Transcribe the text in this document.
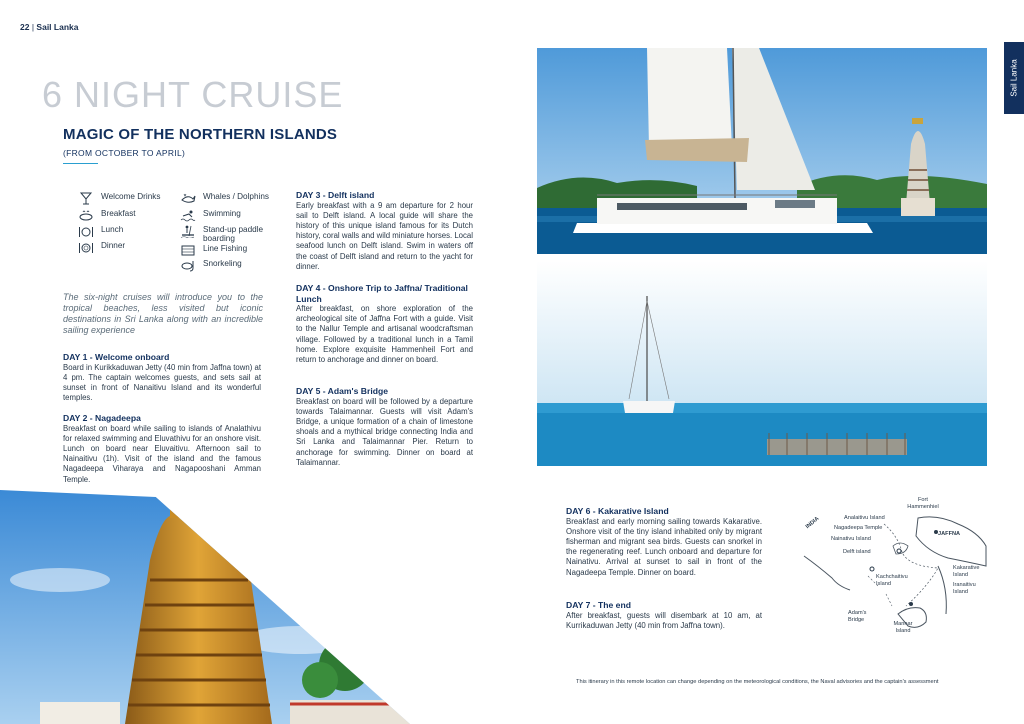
22 | Sail Lanka
Sail Lanka
6 NIGHT CRUISE
MAGIC OF THE NORTHERN ISLANDS
(FROM OCTOBER TO APRIL)
Welcome Drinks
Breakfast
Lunch
Dinner
Whales / Dolphins
Swimming
Stand-up paddle boarding
Line Fishing
Snorkeling
The six-night cruises will introduce you to the tropical beaches, less visited but iconic destinations in Sri Lanka along with an incredible sailing experience
DAY 1 - Welcome onboard

Board in Kurikkaduwan Jetty (40 min from Jaffna town) at 4 pm. The captain welcomes guests, and sets sail at sunset in front of Nanaitivu Island and its wonderful temples.

DAY 2 - Nagadeepa

Breakfast on board while sailing to islands of Analathivu for relaxed swimming and Eluvathivu for an onshore visit. Lunch on board near Eluvaitivu. Afternoon sail to Nainaitivu (1h). Visit of the island and the famous Nagadeepa Viharaya and Nagapooshani Amman Temple.

DAY 3 - Delft island

Early breakfast with a 9 am departure for 2 hour sail to Delft island. A local guide will share the history of this unique island famous for its Dutch history, coral walls and wild miniature horses. Local seafood lunch on Delft island. Swim in waters off the coast of Delft island and return to the yacht for dinner.

DAY 4 - Onshore Trip to Jaffna/ Traditional Lunch

After breakfast, on shore exploration of the archeological site of Jaffna Fort with a guide. Visit to the Nallur Temple and artisanal woodcraftsman village. Followed by a traditional lunch in a Tamil home. Explore exquisite Hammenheil Fort and return to anchorage and dinner on board.

DAY 5 - Adam's Bridge

Breakfast on board will be followed by a departure towards Talaimannar. Guests will visit Adam's Bridge, a unique formation of a chain of limestone shoals and a mythical bridge connecting India and Sri Lanka and Talaimannar Pier. Return to anchorage for swimming. Dinner on board at Talaimannar.

DAY 6 - Kakarative Island

Breakfast and early morning sailing towards Kakarative. Onshore visit of the tiny island inhabited only by migrant fisherman and migrant sea birds. Guests can snorkel in the regenerating reef. Lunch onboard and departure for Nainativu. Arrival at sunset to sail in front of the Nagadeepa Temple. Dinner on board.

DAY 7 - The end

After breakfast, guests will disembark at 10 am, at Kurrikaduwan Jetty (40 min from Jaffna town).

INDIA
Fort Hammenhiel
Analaitivu Island
Nagadeepa Temple
Nainativu Island
JAFFNA
Delft island
Kakarative Island
Kachchaitivu Island	Iranaitivu Island
Adam's Bridge
Mannar Island
This itinerary in this remote location can change depending on the meteorological conditions, the Naval advisories and the captain's assessment
